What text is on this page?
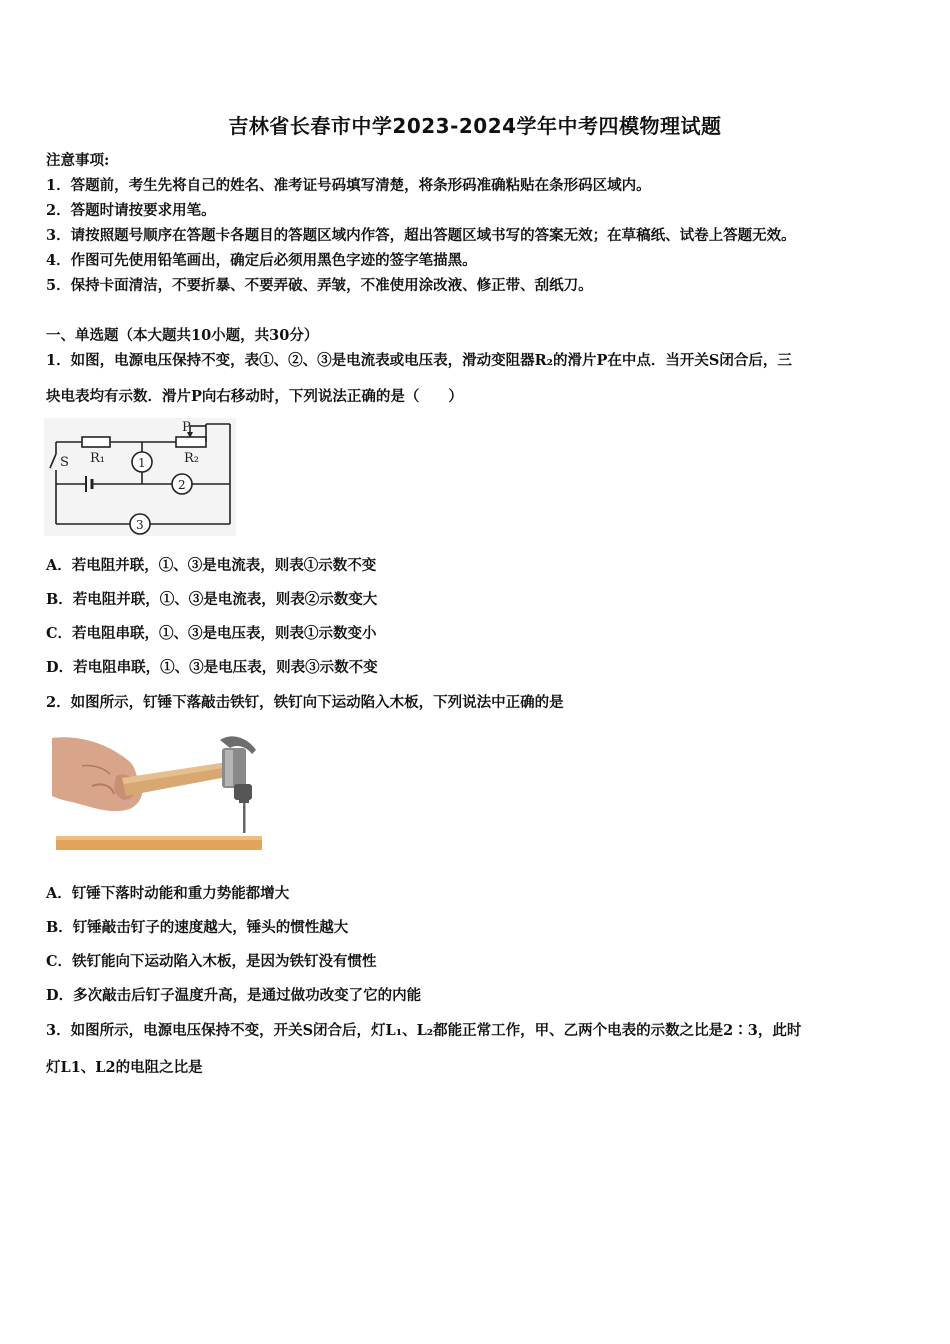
吉林省长春市中学2023-2024学年中考四模物理试题
注意事项:
1．答题前，考生先将自己的姓名、准考证号码填写清楚，将条形码准确粘贴在条形码区域内。
2．答题时请按要求用笔。
3．请按照题号顺序在答题卡各题目的答题区域内作答，超出答题区域书写的答案无效；在草稿纸、试卷上答题无效。
4．作图可先使用铅笔画出，确定后必须用黑色字迹的签字笔描黑。
5．保持卡面清洁，不要折暴、不要弄破、弄皱，不准使用涂改液、修正带、刮纸刀。
一、单选题（本大题共10小题，共30分）
1．如图，电源电压保持不变，表①、②、③是电流表或电压表，滑动变阻器R₂的滑片P在中点．当开关S闭合后，三
块电表均有示数．滑片P向右移动时，下列说法正确的是（　　）
P
S R₁	R₂
1
2
3
A．若电阻并联，①、③是电流表，则表①示数不变
B．若电阻并联，①、③是电流表，则表②示数变大
C．若电阻串联，①、③是电压表，则表①示数变小
D．若电阻串联，①、③是电压表，则表③示数不变
2．如图所示，钉锤下落敲击铁钉，铁钉向下运动陷入木板，下列说法中正确的是
A．钉锤下落时动能和重力势能都增大
B．钉锤敲击钉子的速度越大，锤头的惯性越大
C．铁钉能向下运动陷入木板，是因为铁钉没有惯性
D．多次敲击后钉子温度升高，是通过做功改变了它的内能
3．如图所示，电源电压保持不变，开关S闭合后，灯L₁、L₂都能正常工作，甲、乙两个电表的示数之比是2∶3，此时
灯L1、L2的电阻之比是
